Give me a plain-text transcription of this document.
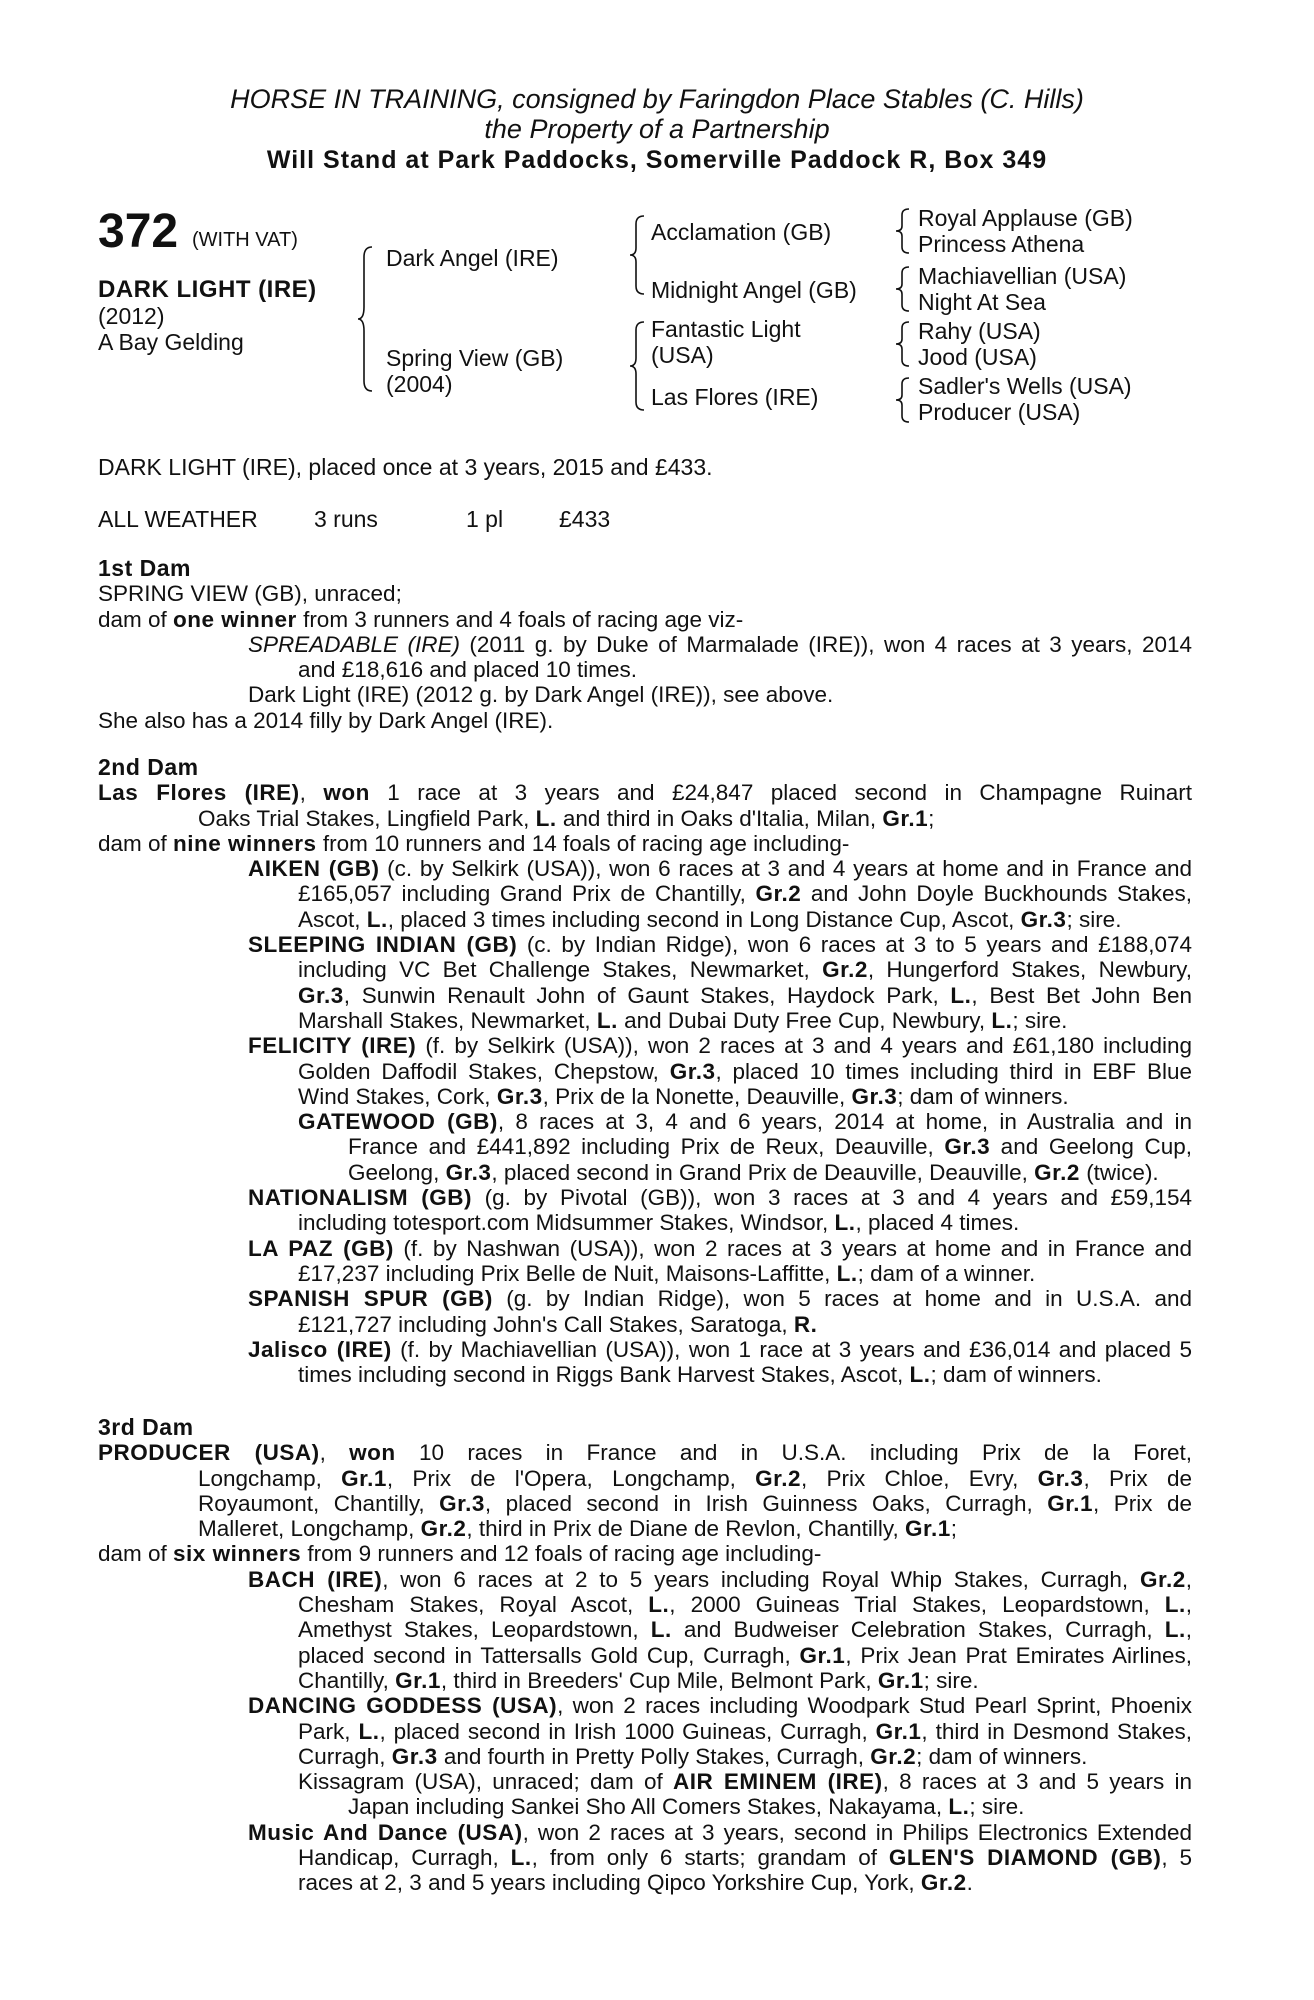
HORSE IN TRAINING, consigned by Faringdon Place Stables (C. Hills)
the Property of a Partnership
Will Stand at Park Paddocks, Somerville Paddock R, Box 349
372 (WITH VAT)
DARK LIGHT (IRE)
(2012)
A Bay Gelding
Dark Angel (IRE)
Spring View (GB)
(2004)
Acclamation (GB)
Midnight Angel (GB)
Fantastic Light
(USA)
Las Flores (IRE)
Royal Applause (GB)
Princess Athena
Machiavellian (USA)
Night At Sea
Rahy (USA)
Jood (USA)
Sadler's Wells (USA)
Producer (USA)
DARK LIGHT (IRE), placed once at 3 years, 2015 and £433.
ALL WEATHER 3 runs	1 pl £433
1st Dam
SPRING VIEW (GB), unraced;
dam of one winner from 3 runners and 4 foals of racing age viz-
SPREADABLE (IRE) (2011 g. by Duke of Marmalade (IRE)), won 4 races at 3 years, 2014
and £18,616 and placed 10 times.
Dark Light (IRE) (2012 g. by Dark Angel (IRE)), see above.
She also has a 2014 filly by Dark Angel (IRE).
2nd Dam
Las Flores (IRE), won 1 race at 3 years and £24,847 placed second in Champagne Ruinart
Oaks Trial Stakes, Lingfield Park, L. and third in Oaks d'Italia, Milan, Gr.1;
dam of nine winners from 10 runners and 14 foals of racing age including-
AIKEN (GB) (c. by Selkirk (USA)), won 6 races at 3 and 4 years at home and in France and
£165,057 including Grand Prix de Chantilly, Gr.2 and John Doyle Buckhounds Stakes,
Ascot, L., placed 3 times including second in Long Distance Cup, Ascot, Gr.3; sire.
SLEEPING INDIAN (GB) (c. by Indian Ridge), won 6 races at 3 to 5 years and £188,074
including VC Bet Challenge Stakes, Newmarket, Gr.2, Hungerford Stakes, Newbury,
Gr.3, Sunwin Renault John of Gaunt Stakes, Haydock Park, L., Best Bet John Ben
Marshall Stakes, Newmarket, L. and Dubai Duty Free Cup, Newbury, L.; sire.
FELICITY (IRE) (f. by Selkirk (USA)), won 2 races at 3 and 4 years and £61,180 including
Golden Daffodil Stakes, Chepstow, Gr.3, placed 10 times including third in EBF Blue
Wind Stakes, Cork, Gr.3, Prix de la Nonette, Deauville, Gr.3; dam of winners.
GATEWOOD (GB), 8 races at 3, 4 and 6 years, 2014 at home, in Australia and in
France and £441,892 including Prix de Reux, Deauville, Gr.3 and Geelong Cup,
Geelong, Gr.3, placed second in Grand Prix de Deauville, Deauville, Gr.2 (twice).
NATIONALISM (GB) (g. by Pivotal (GB)), won 3 races at 3 and 4 years and £59,154
including totesport.com Midsummer Stakes, Windsor, L., placed 4 times.
LA PAZ (GB) (f. by Nashwan (USA)), won 2 races at 3 years at home and in France and
£17,237 including Prix Belle de Nuit, Maisons-Laffitte, L.; dam of a winner.
SPANISH SPUR (GB) (g. by Indian Ridge), won 5 races at home and in U.S.A. and
£121,727 including John's Call Stakes, Saratoga, R.
Jalisco (IRE) (f. by Machiavellian (USA)), won 1 race at 3 years and £36,014 and placed 5
times including second in Riggs Bank Harvest Stakes, Ascot, L.; dam of winners.
3rd Dam
PRODUCER (USA), won 10 races in France and in U.S.A. including Prix de la Foret,
Longchamp, Gr.1, Prix de l'Opera, Longchamp, Gr.2, Prix Chloe, Evry, Gr.3, Prix de
Royaumont, Chantilly, Gr.3, placed second in Irish Guinness Oaks, Curragh, Gr.1, Prix de
Malleret, Longchamp, Gr.2, third in Prix de Diane de Revlon, Chantilly, Gr.1;
dam of six winners from 9 runners and 12 foals of racing age including-
BACH (IRE), won 6 races at 2 to 5 years including Royal Whip Stakes, Curragh, Gr.2,
Chesham Stakes, Royal Ascot, L., 2000 Guineas Trial Stakes, Leopardstown, L.,
Amethyst Stakes, Leopardstown, L. and Budweiser Celebration Stakes, Curragh, L.,
placed second in Tattersalls Gold Cup, Curragh, Gr.1, Prix Jean Prat Emirates Airlines,
Chantilly, Gr.1, third in Breeders' Cup Mile, Belmont Park, Gr.1; sire.
DANCING GODDESS (USA), won 2 races including Woodpark Stud Pearl Sprint, Phoenix
Park, L., placed second in Irish 1000 Guineas, Curragh, Gr.1, third in Desmond Stakes,
Curragh, Gr.3 and fourth in Pretty Polly Stakes, Curragh, Gr.2; dam of winners.
Kissagram (USA), unraced; dam of AIR EMINEM (IRE), 8 races at 3 and 5 years in
Japan including Sankei Sho All Comers Stakes, Nakayama, L.; sire.
Music And Dance (USA), won 2 races at 3 years, second in Philips Electronics Extended
Handicap, Curragh, L., from only 6 starts; grandam of GLEN'S DIAMOND (GB), 5
races at 2, 3 and 5 years including Qipco Yorkshire Cup, York, Gr.2.
